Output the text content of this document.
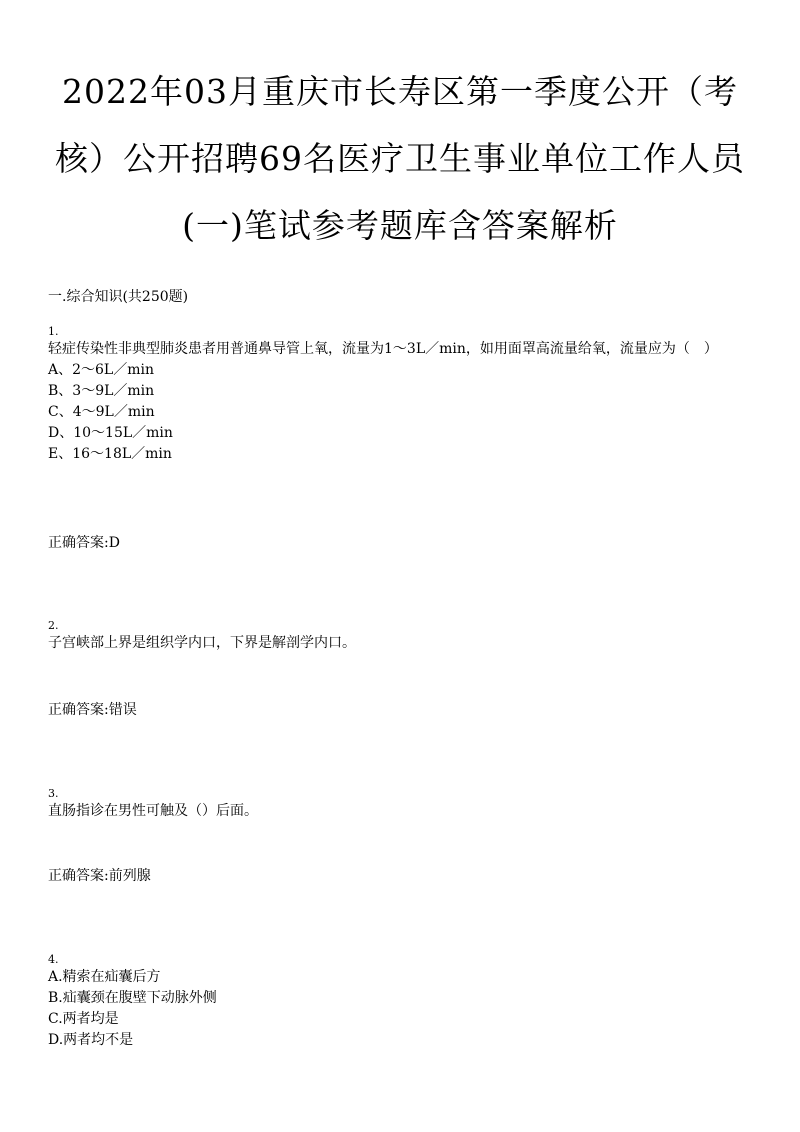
2022年03月重庆市长寿区第一季度公开（考核）公开招聘69名医疗卫生事业单位工作人员(一)笔试参考题库含答案解析
一.综合知识(共250题)
1.
轻症传染性非典型肺炎患者用普通鼻导管上氧，流量为1～3L／min，如用面罩高流量给氧，流量应为（　）
A、2～6L／min
B、3～9L／min
C、4～9L／min
D、10～15L／min
E、16～18L／min
正确答案:D
2.
子宫峡部上界是组织学内口，下界是解剖学内口。
正确答案:错误
3.
直肠指诊在男性可触及（）后面。
正确答案:前列腺
4.
A.精索在疝囊后方
B.疝囊颈在腹壁下动脉外侧
C.两者均是
D.两者均不是
